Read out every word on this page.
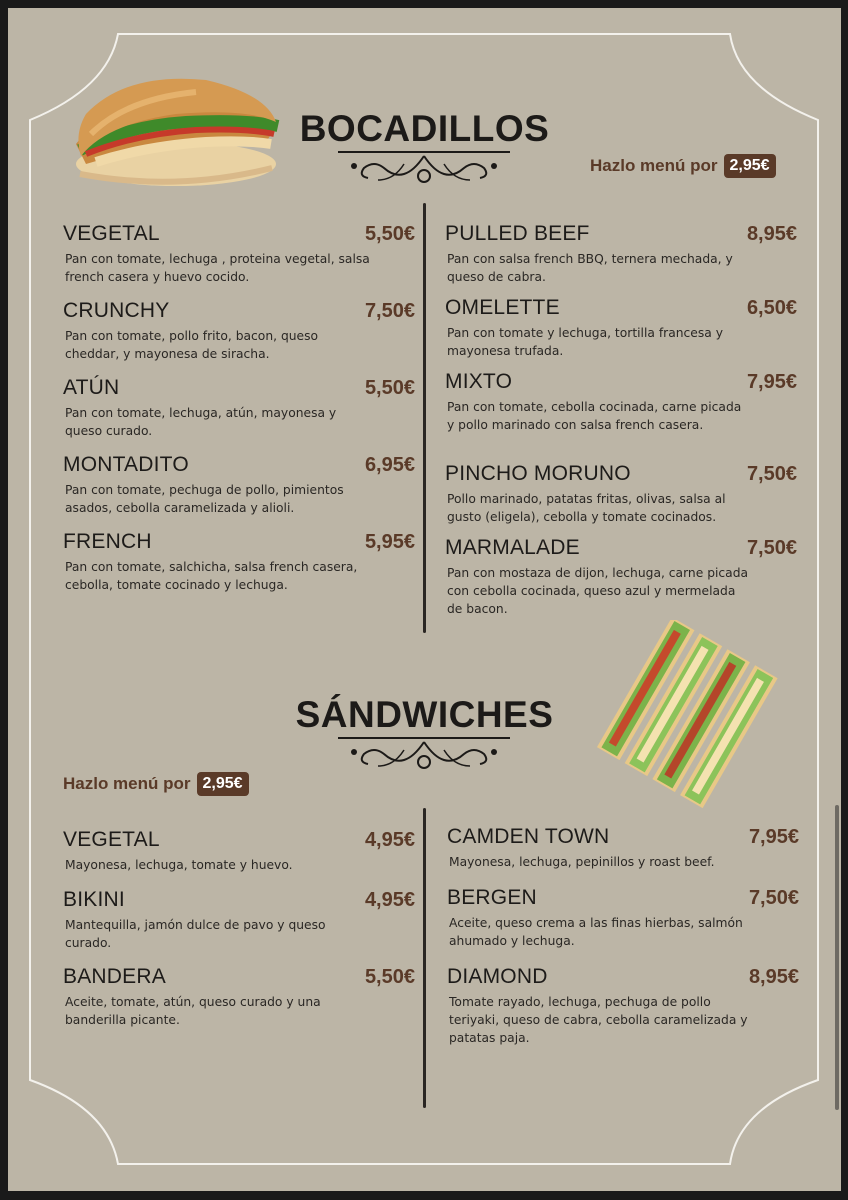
BOCADILLOS
Hazlo menú por 2,95€
VEGETAL	5,50€
Pan con tomate, lechuga , proteina vegetal, salsa french casera y huevo cocido.
CRUNCHY	7,50€
Pan con tomate, pollo frito, bacon, queso cheddar, y mayonesa de siracha.
ATÚN	5,50€
Pan con tomate, lechuga, atún, mayonesa y queso curado.
MONTADITO	6,95€
Pan con tomate, pechuga de pollo, pimientos asados, cebolla caramelizada y alioli.
FRENCH	5,95€
Pan con tomate, salchicha, salsa french casera, cebolla, tomate cocinado y lechuga.
PULLED BEEF	8,95€
Pan con salsa french BBQ, ternera mechada, y queso de cabra.
OMELETTE	6,50€
Pan con tomate y lechuga, tortilla francesa y mayonesa trufada.
MIXTO	7,95€
Pan con tomate, cebolla cocinada, carne picada y pollo marinado con salsa french casera.
PINCHO MORUNO	7,50€
Pollo marinado, patatas fritas, olivas, salsa al gusto (eligela), cebolla y tomate cocinados.
MARMALADE	7,50€
Pan con mostaza de dijon, lechuga, carne picada con cebolla cocinada, queso azul y mermelada de bacon.
SÁNDWICHES
Hazlo menú por 2,95€
VEGETAL	4,95€
Mayonesa, lechuga, tomate y huevo.
BIKINI	4,95€
Mantequilla, jamón dulce de pavo y queso curado.
BANDERA	5,50€
Aceite, tomate, atún, queso curado y una banderilla picante.
CAMDEN TOWN	7,95€
Mayonesa, lechuga, pepinillos y roast beef.
BERGEN	7,50€
Aceite, queso crema a las finas hierbas, salmón ahumado y lechuga.
DIAMOND	8,95€
Tomate rayado, lechuga, pechuga de pollo teriyaki, queso de cabra, cebolla caramelizada y patatas paja.
